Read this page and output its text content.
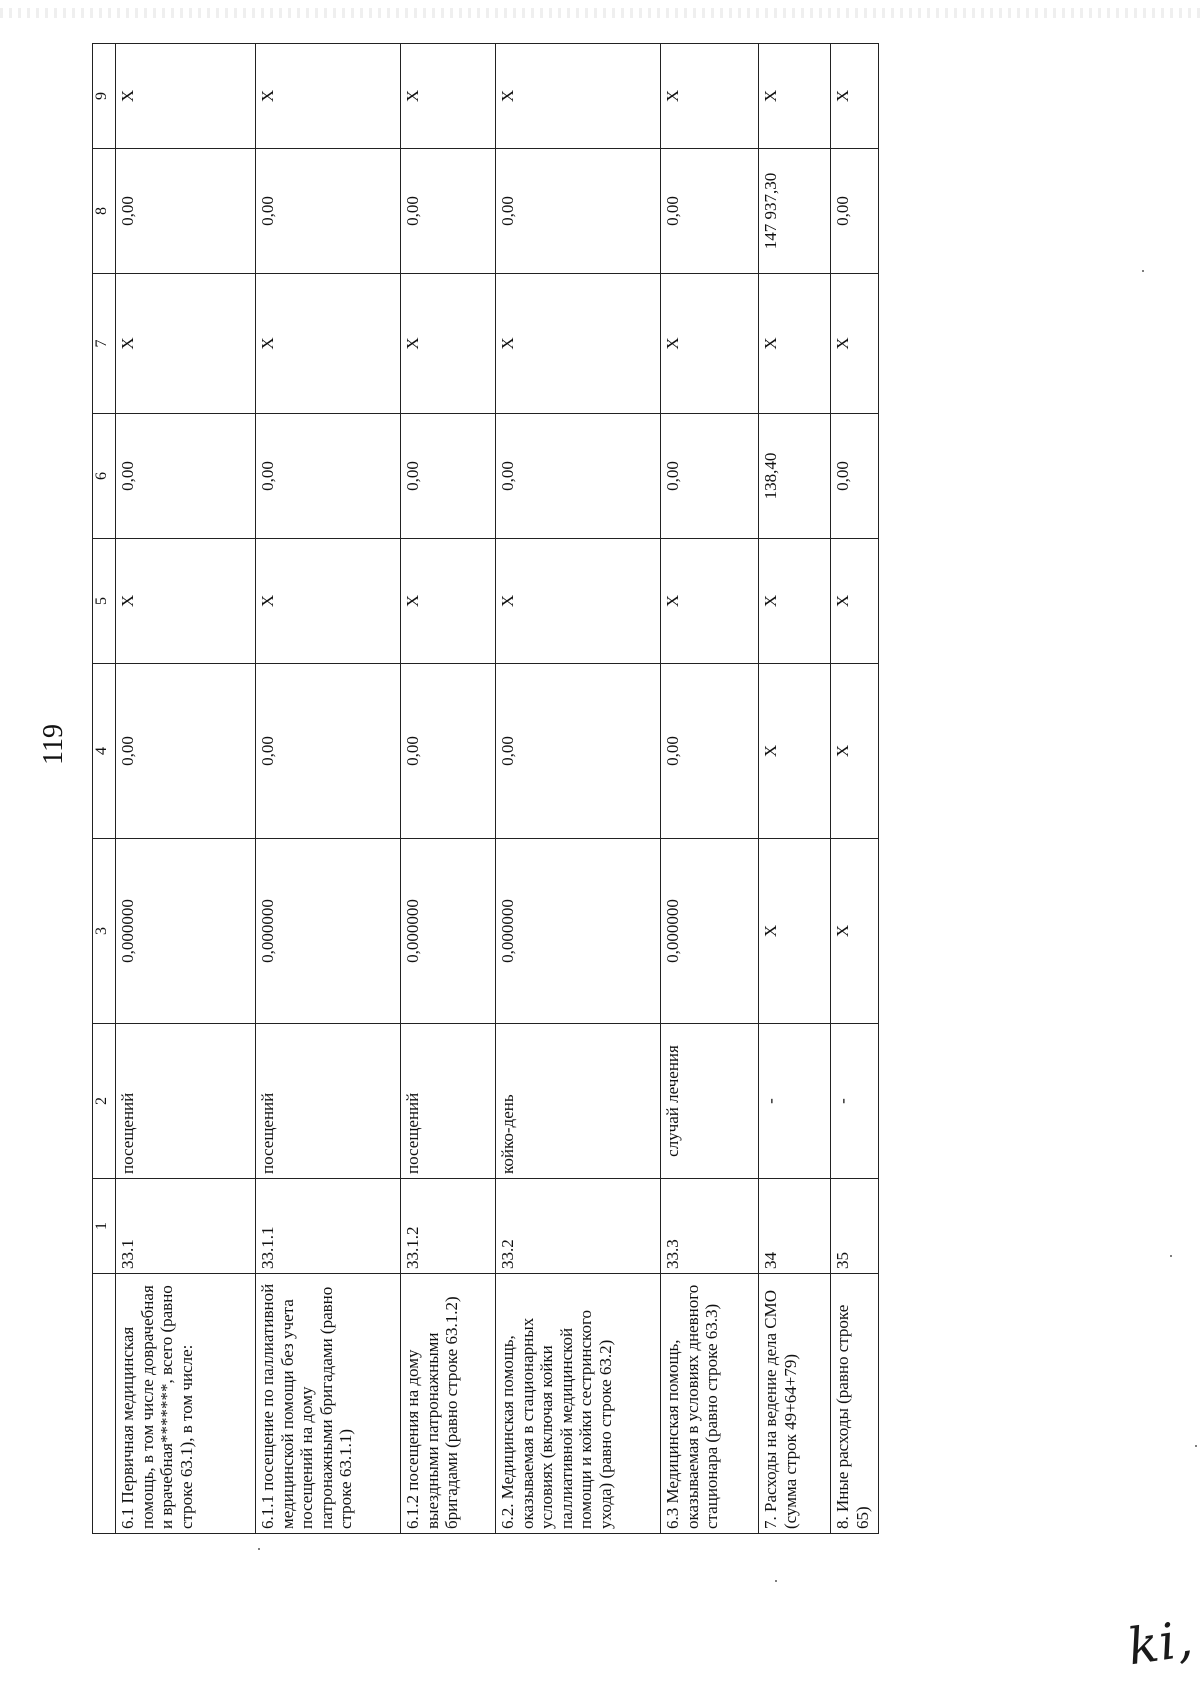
119
	1	2	3	4	5	6	7	8	9
6.1 Первичная медицинская помощь, в том числе доврачебная и врачебная*******, всего (равно строке 63.1), в том числе:	33.1	посещений	0,000000	0,00	X	0,00	X	0,00	X
6.1.1 посещение по паллиативной медицинской помощи без учета посещений на дому патронажными бригадами (равно строке 63.1.1)	33.1.1	посещений	0,000000	0,00	X	0,00	X	0,00	X
6.1.2 посещения на дому выездными патронажными бригадами (равно строке 63.1.2)	33.1.2	посещений	0,000000	0,00	X	0,00	X	0,00	X
6.2. Медицинская помощь, оказываемая в стационарных условиях (включая койки паллиативной медицинской помощи и койки сестринского ухода) (равно строке 63.2)	33.2	койко-день	0,000000	0,00	X	0,00	X	0,00	X
6.3 Медицинская помощь, оказываемая в условиях дневного стационара (равно строке 63.3)	33.3	случай лечения	0,000000	0,00	X	0,00	X	0,00	X
7. Расходы на ведение дела СМО (сумма строк 49+64+79)	34	-	X	X	X	138,40	X	147 937,30	X
8. Иные расходы (равно строке 65)	35	-	X	X	X	0,00	X	0,00	X
ki,
